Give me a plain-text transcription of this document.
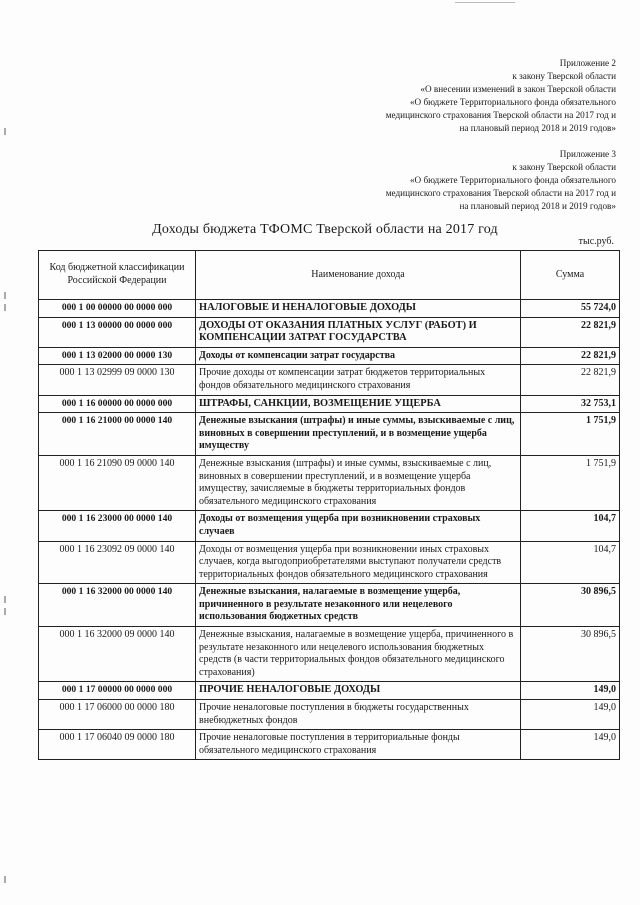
Приложение 2
к закону Тверской области
«О внесении изменений в закон Тверской области
«О бюджете Территориального фонда обязательного
медицинского страхования Тверской области на 2017 год и
на плановый период 2018 и 2019 годов»
Приложение 3
к закону Тверской области
«О бюджете Территориального фонда обязательного
медицинского страхования Тверской области на 2017 год и
на плановый период 2018 и 2019 годов»
Доходы бюджета ТФОМС Тверской области на 2017 год
тыс.руб.
Код бюджетной классификации Российской Федерации	Наименование дохода	Сумма
000 1 00 00000 00 0000 000	НАЛОГОВЫЕ И НЕНАЛОГОВЫЕ ДОХОДЫ	55 724,0
000 1 13 00000 00 0000 000	ДОХОДЫ ОТ ОКАЗАНИЯ ПЛАТНЫХ УСЛУГ (РАБОТ) И КОМПЕНСАЦИИ ЗАТРАТ ГОСУДАРСТВА	22 821,9
000 1 13 02000 00 0000 130	Доходы от компенсации затрат государства	22 821,9
000 1 13 02999 09 0000 130	Прочие доходы от компенсации затрат бюджетов территориальных фондов обязательного медицинского страхования	22 821,9
000 1 16 00000 00 0000 000	ШТРАФЫ, САНКЦИИ, ВОЗМЕЩЕНИЕ УЩЕРБА	32 753,1
000 1 16 21000 00 0000 140	Денежные взыскания (штрафы) и иные суммы, взыскиваемые с лиц, виновных в совершении преступлений, и в возмещение ущерба имуществу	1 751,9
000 1 16 21090 09 0000 140	Денежные взыскания (штрафы) и иные суммы, взыскиваемые с лиц, виновных в совершении преступлений, и в возмещение ущерба имуществу, зачисляемые в бюджеты территориальных фондов обязательного медицинского страхования	1 751,9
000 1 16 23000 00 0000 140	Доходы от возмещения ущерба при возникновении страховых случаев	104,7
000 1 16 23092 09 0000 140	Доходы от возмещения ущерба при возникновении иных страховых случаев, когда выгодоприобретателями выступают получатели средств территориальных фондов обязательного медицинского страхования	104,7
000 1 16 32000 00 0000 140	Денежные взыскания, налагаемые в возмещение ущерба, причиненного в результате незаконного или нецелевого использования бюджетных средств	30 896,5
000 1 16 32000 09 0000 140	Денежные взыскания, налагаемые в возмещение ущерба, причиненного в результате незаконного или нецелевого использования бюджетных средств (в части территориальных фондов обязательного медицинского страхования)	30 896,5
000 1 17 00000 00 0000 000	ПРОЧИЕ НЕНАЛОГОВЫЕ ДОХОДЫ	149,0
000 1 17 06000 00 0000 180	Прочие неналоговые поступления в бюджеты государственных внебюджетных фондов	149,0
000 1 17 06040 09 0000 180	Прочие неналоговые поступления в территориальные фонды обязательного медицинского страхования	149,0
